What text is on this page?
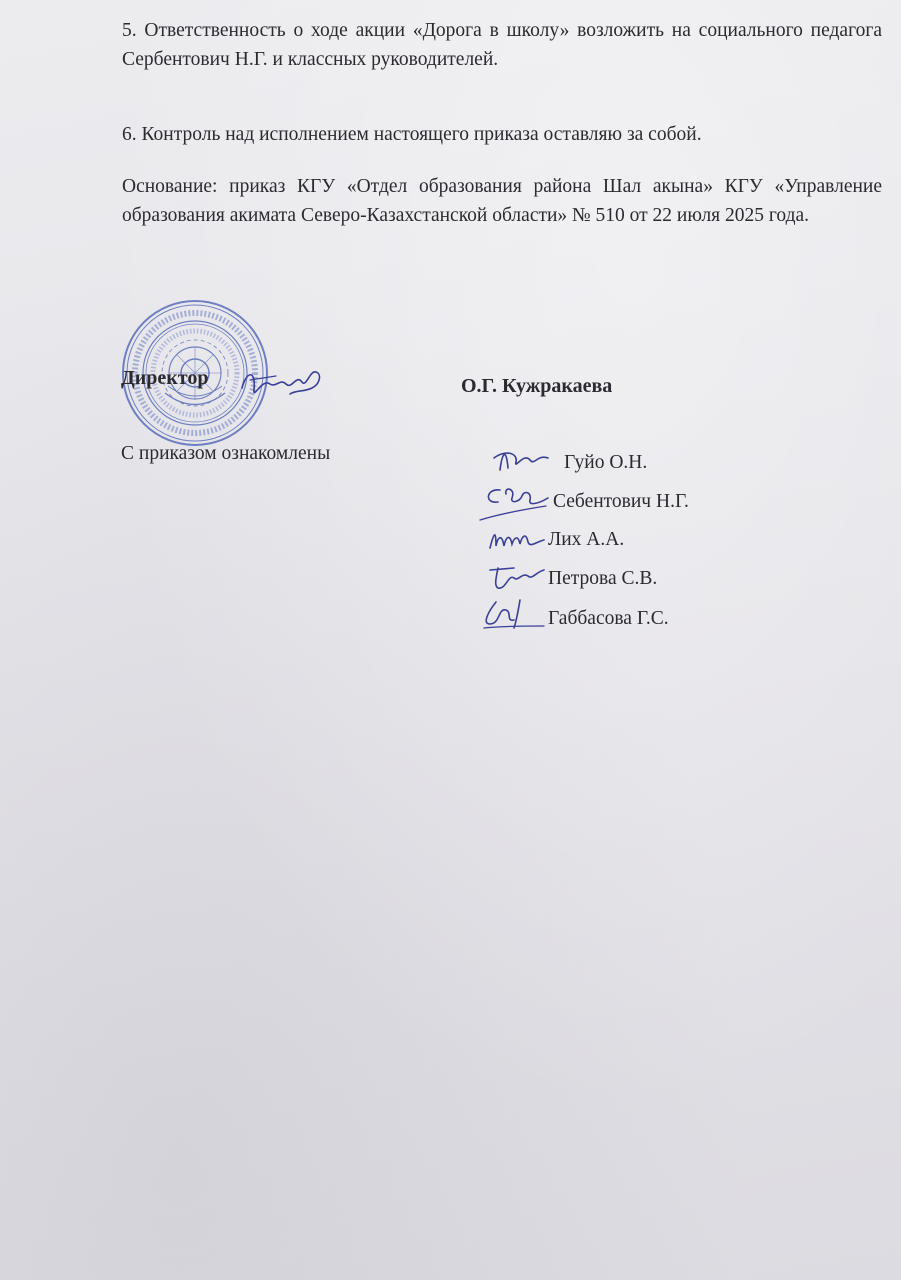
5. Ответственность о ходе акции «Дорога в школу» возложить на социального педагога Сербентович Н.Г. и классных руководителей.

6. Контроль над исполнением настоящего приказа оставляю за собой.

Основание: приказ КГУ «Отдел образования района Шал акына» КГУ «Управление образования акимата Северо-Казахстанской области» № 510 от 22 июля 2025 года.

Директор	О.Г. Кужракаева
С приказом ознакомлены	Гуйо О.Н.
Себентович Н.Г.
Лих А.А.
Петрова С.В.
Габбасова Г.С.
